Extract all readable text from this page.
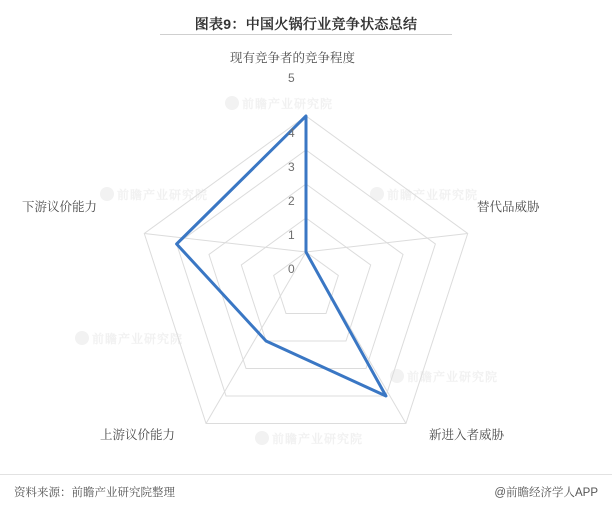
图表9：中国火锅行业竞争状态总结
前瞻产业研究院	前瞻产业研究院
前瞻产业研究院
前瞻产业研究院
前瞻产业研究院
前瞻产业研究院
现有竞争者的竞争程度
替代品威胁
新进入者威胁
上游议价能力
下游议价能力
0
1
2
3
4
5
资料来源：前瞻产业研究院整理	@前瞻经济学人APP
